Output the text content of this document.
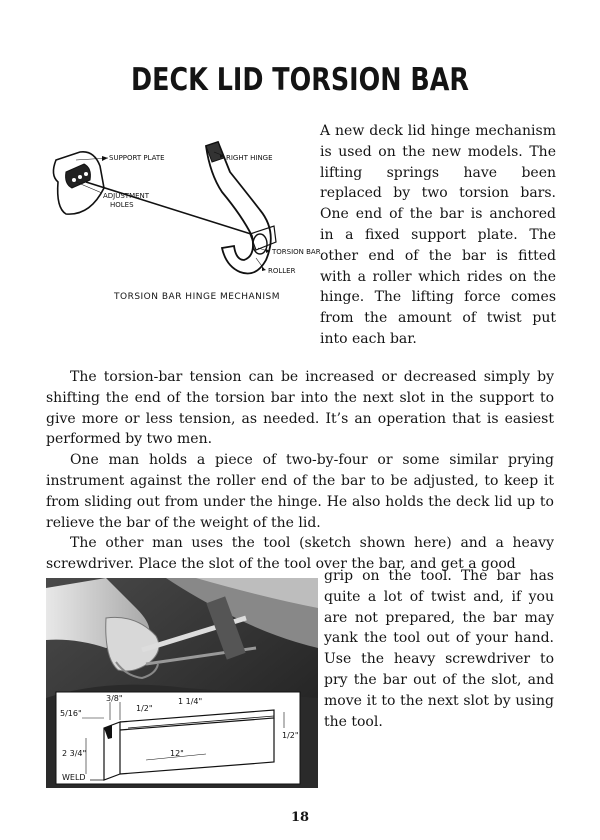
DECK LID TORSION BAR
SUPPORT PLATE	RIGHT HINGE
ADJUSTMENT
HOLES
TORSION BAR
ROLLER

TORSION BAR HINGE MECHANISM

A new deck lid hinge mechanism is used on the new models. The lifting springs have been replaced by two torsion bars. One end of the bar is anchored in a fixed support plate. The other end of the bar is fitted with a roller which rides on the hinge. The lifting force comes from the amount of twist put into each bar.

The torsion-bar tension can be increased or decreased simply by shifting the end of the torsion bar into the next slot in the support to give more or less tension, as needed. It’s an operation that is easiest performed by two men.

One man holds a piece of two-by-four or some similar prying instrument against the roller end of the bar to be adjusted, to keep it from sliding out from under the hinge. He also holds the deck lid up to relieve the bar of the weight of the lid.

The other man uses the tool (sketch shown here) and a heavy screwdriver. Place the slot of the tool over the bar, and get a good

5/16"
3/8"
1/2"
1 1/4"
1/2"
2 3/4"	12"
WELD

grip on the tool. The bar has quite a lot of twist and, if you are not prepared, the bar may yank the tool out of your hand. Use the heavy screwdriver to pry the bar out of the slot, and move it to the next slot by using the tool.

18
